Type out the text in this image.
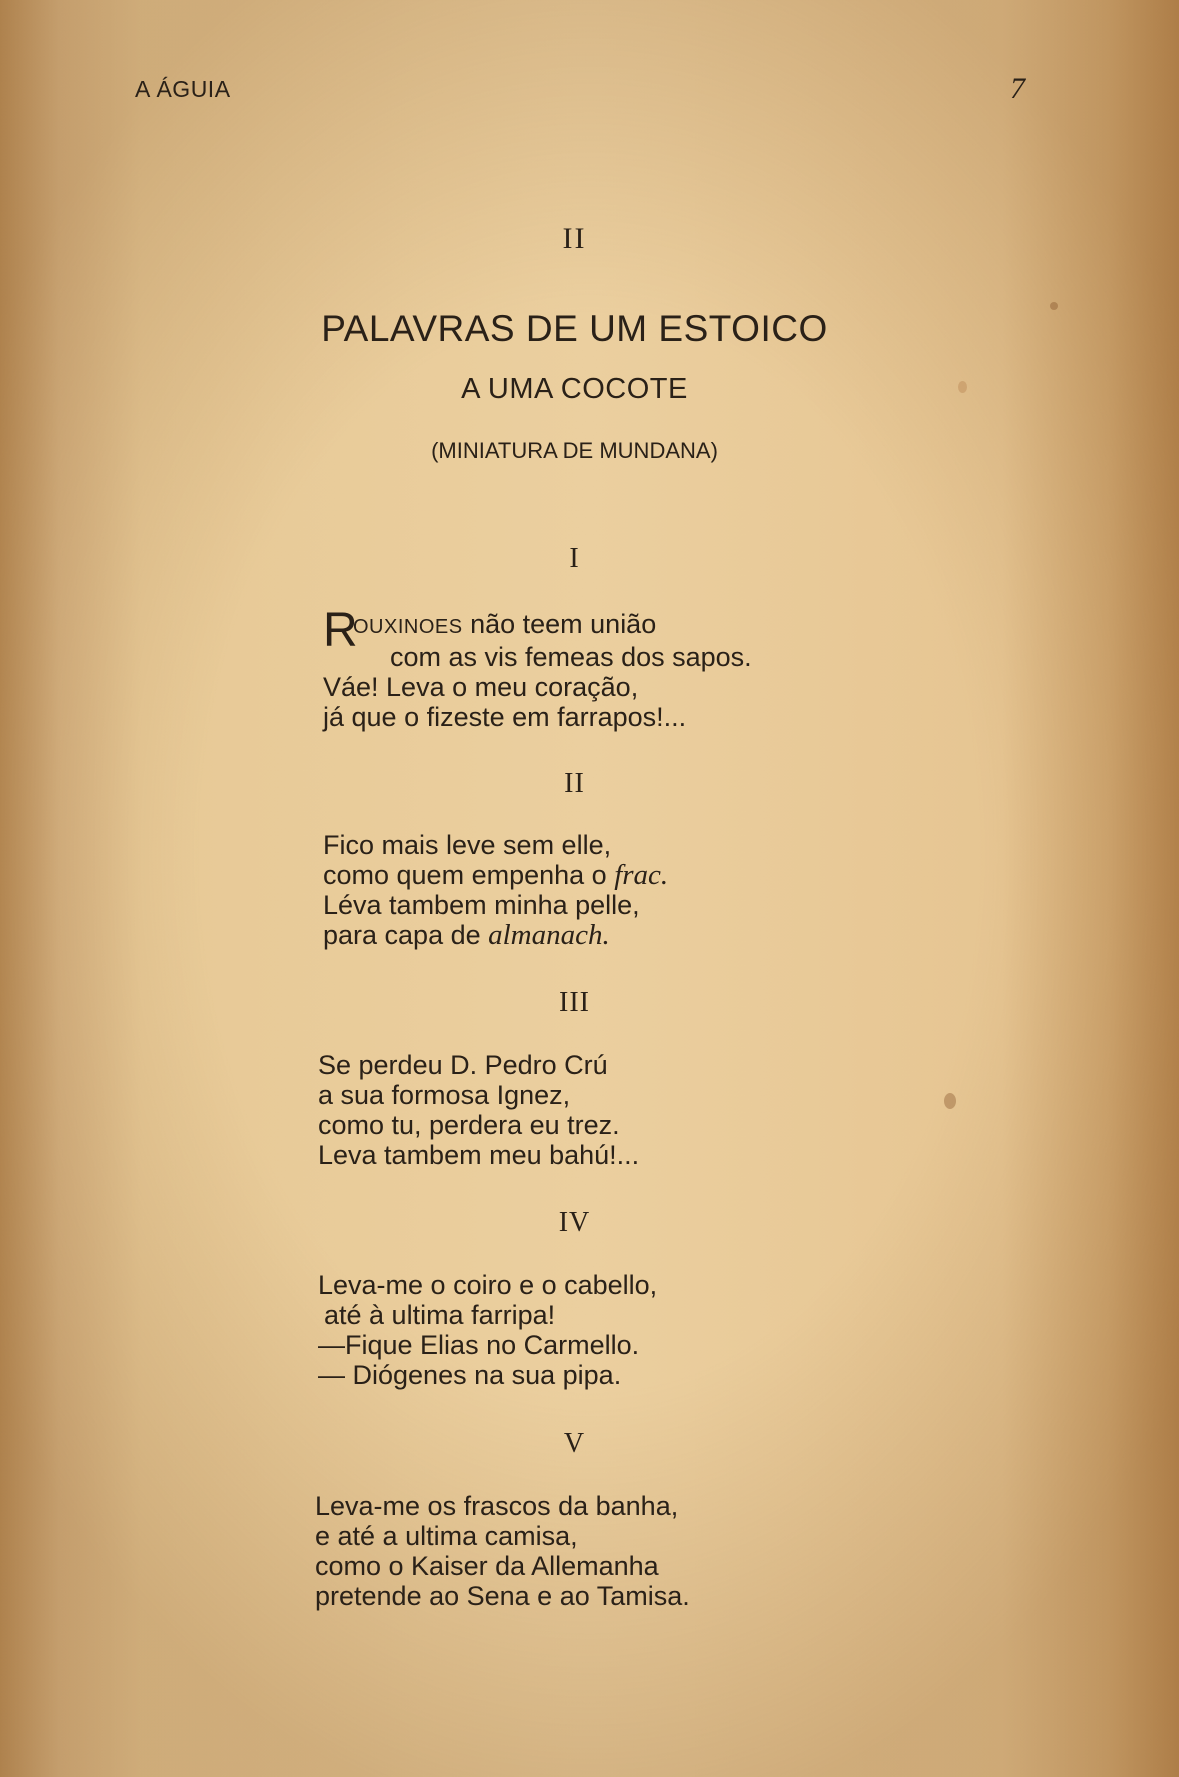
A ÁGUIA	7
II
PALAVRAS DE UM ESTOICO
A UMA COCOTE
(MINIATURA DE MUNDANA)
I
R
OUXINOES não teem união
com as vis femeas dos sapos.
Váe! Leva o meu coração,
já que o fizeste em farrapos!...
II
Fico mais leve sem elle,
como quem empenha o frac.
Léva tambem minha pelle,
para capa de almanach.
III
Se perdeu D. Pedro Crú
a sua formosa Ignez,
como tu, perdera eu trez.
Leva tambem meu bahú!...
IV
Leva-me o coiro e o cabello,
até à ultima farripa!
—Fique Elias no Carmello.
— Diógenes na sua pipa.
V
Leva-me os frascos da banha,
e até a ultima camisa,
como o Kaiser da Allemanha
pretende ao Sena e ao Tamisa.
